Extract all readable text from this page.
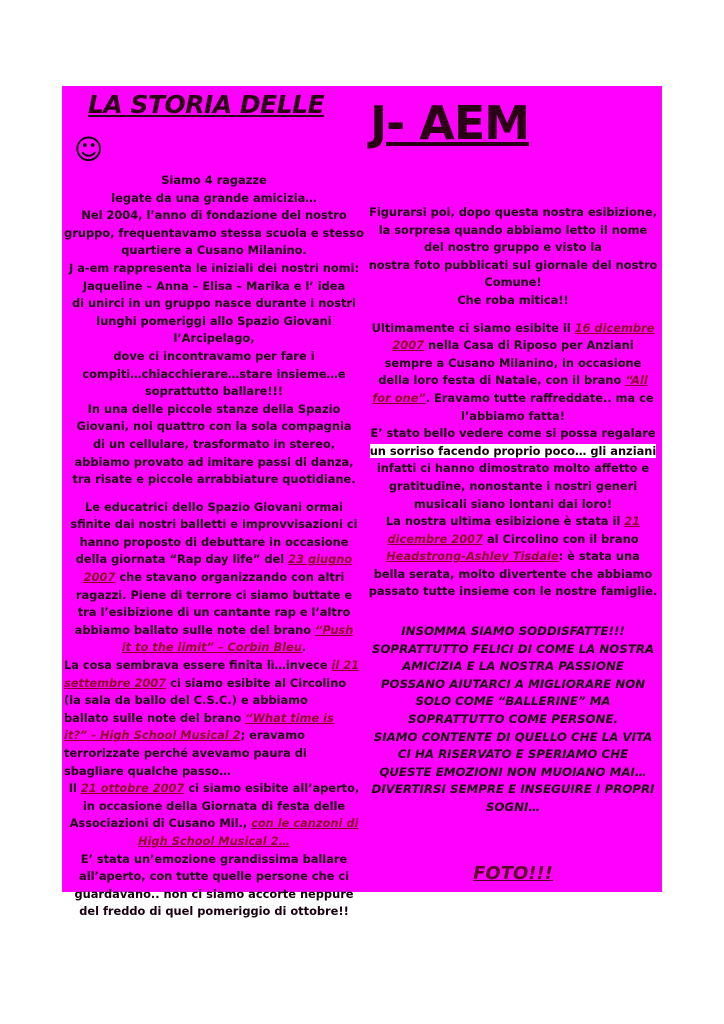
LA STORIA DELLE J- AEM
☺

Siamo 4 ragazze

legate da una grande amicizia…

Nel 2004, l’anno di fondazione del nostro

gruppo, frequentavamo stessa scuola e stesso

quartiere a Cusano Milanino.

J a-em rappresenta le iniziali dei nostri nomi:

Jaqueline – Anna – Elisa – Marika e l’ idea

di unirci in un gruppo nasce durante i nostri

lunghi pomeriggi allo Spazio Giovani

l’Arcipelago,

dove ci incontravamo per fare i

compiti…chiacchierare…stare insieme…e

soprattutto ballare!!!

In una delle piccole stanze della Spazio

Giovani, noi quattro con la sola compagnia

di un cellulare, trasformato in stereo,

abbiamo provato ad imitare passi di danza,

tra risate e piccole arrabbiature quotidiane.

Le educatrici dello Spazio Giovani ormai

sfinite dai nostri balletti e improvvisazioni ci

hanno proposto di debuttare in occasione

della giornata “Rap day life” del 23 giugno

2007 che stavano organizzando con altri

ragazzi. Piene di terrore ci siamo buttate e

tra l’esibizione di un cantante rap e l’altro

abbiamo ballato sulle note del brano “Push

it to the limit” – Corbin Bleu.

La cosa sembrava essere finita lì…invece il 21

settembre 2007 ci siamo esibite al Circolino

(la sala da ballo del C.S.C.) e abbiamo

ballato sulle note del brano “What time is

it?” - High School Musical 2; eravamo

terrorizzate perché avevamo paura di

sbagliare qualche passo…

Il 21 ottobre 2007 ci siamo esibite all’aperto,

in occasione della Giornata di festa delle

Associazioni di Cusano Mil., con le canzoni di

High School Musical 2…

E’ stata un’emozione grandissima ballare

all’aperto, con tutte quelle persone che ci

guardavano.. non ci siamo accorte neppure

del freddo di quel pomeriggio di ottobre!!

Figurarsi poi, dopo questa nostra esibizione,

la sorpresa quando abbiamo letto il nome

del nostro gruppo e visto la

nostra foto pubblicati sul giornale del nostro

Comune!

Che roba mitica!!

Ultimamente ci siamo esibite il 16 dicembre

2007 nella Casa di Riposo per Anziani

sempre a Cusano Milanino, in occasione

della loro festa di Natale, con il brano “All

for one”. Eravamo tutte raffreddate.. ma ce

l’abbiamo fatta!

E’ stato bello vedere come si possa regalare

un sorriso facendo proprio poco… gli anziani

infatti ci hanno dimostrato molto affetto e

gratitudine, nonostante i nostri generi

musicali siano lontani dai loro!

La nostra ultima esibizione è stata il 21

dicembre 2007 al Circolino con il brano

Headstrong-Ashley Tisdale: è stata una

bella serata, molto divertente che abbiamo

passato tutte insieme con le nostre famiglie.

INSOMMA SIAMO SODDISFATTE!!!

SOPRATTUTTO FELICI DI COME LA NOSTRA

AMICIZIA E LA NOSTRA PASSIONE

POSSANO AIUTARCI A MIGLIORARE NON

SOLO COME “BALLERINE” MA

SOPRATTUTTO COME PERSONE.

SIAMO CONTENTE DI QUELLO CHE LA VITA

CI HA RISERVATO E SPERIAMO CHE

QUESTE EMOZIONI NON MUOIANO MAI…

DIVERTIRSI SEMPRE E INSEGUIRE I PROPRI

SOGNI…

FOTO!!!
